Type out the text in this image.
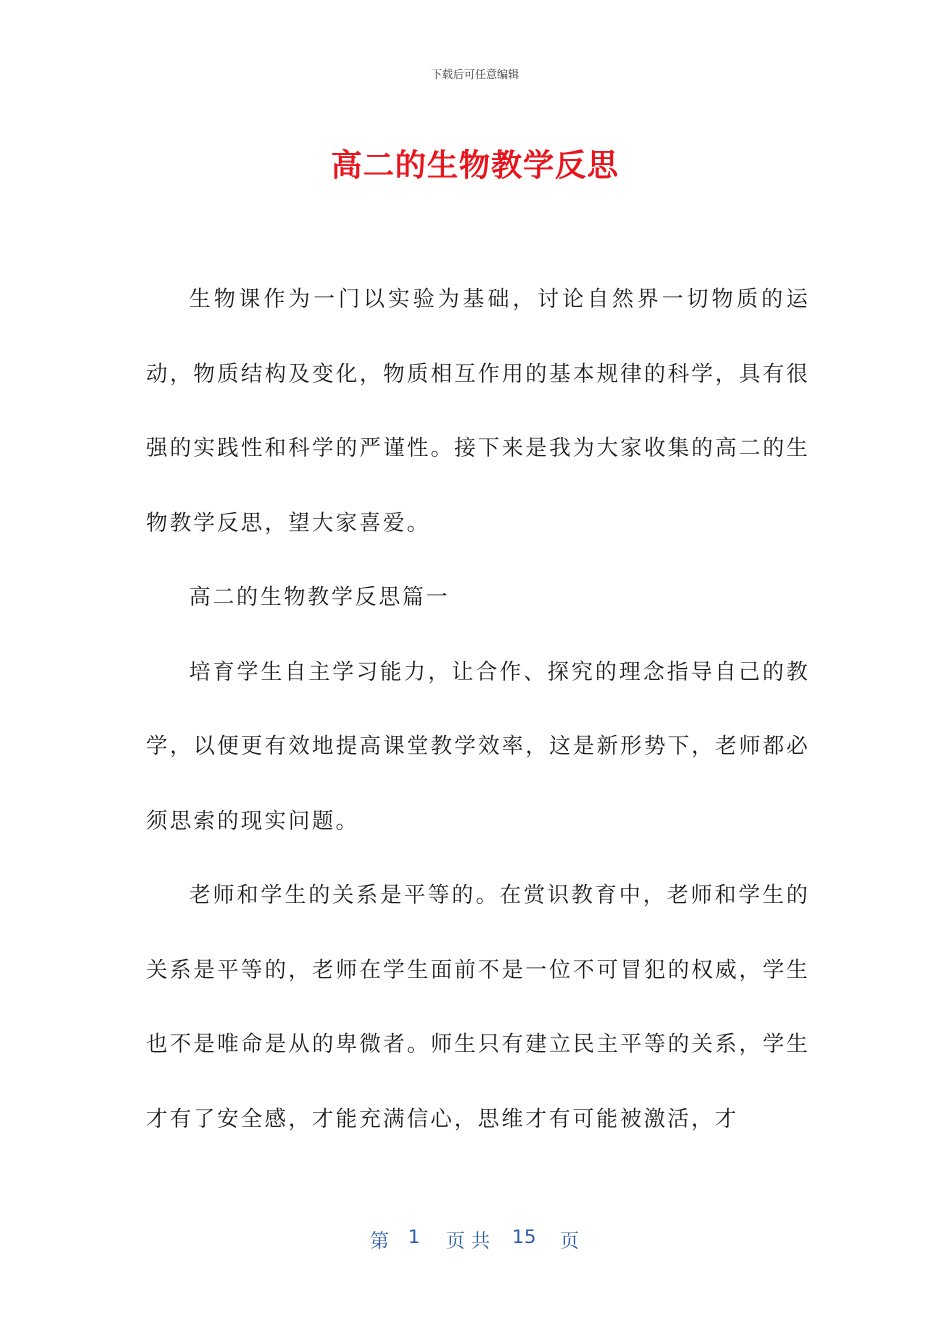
下载后可任意编辑
高二的生物教学反思

生物课作为一门以实验为基础，讨论自然界一切物质的运动，物质结构及变化，物质相互作用的基本规律的科学，具有很强的实践性和科学的严谨性。接下来是我为大家收集的高二的生物教学反思，望大家喜爱。

高二的生物教学反思篇一

培育学生自主学习能力，让合作、探究的理念指导自己的教学，以便更有效地提高课堂教学效率，这是新形势下，老师都必须思索的现实问题。

老师和学生的关系是平等的。在赏识教育中，老师和学生的关系是平等的，老师在学生面前不是一位不可冒犯的权威，学生也不是唯命是从的卑微者。师生只有建立民主平等的关系，学生才有了安全感，才能充满信心，思维才有可能被激活，才

第 1 页 共 15 页
